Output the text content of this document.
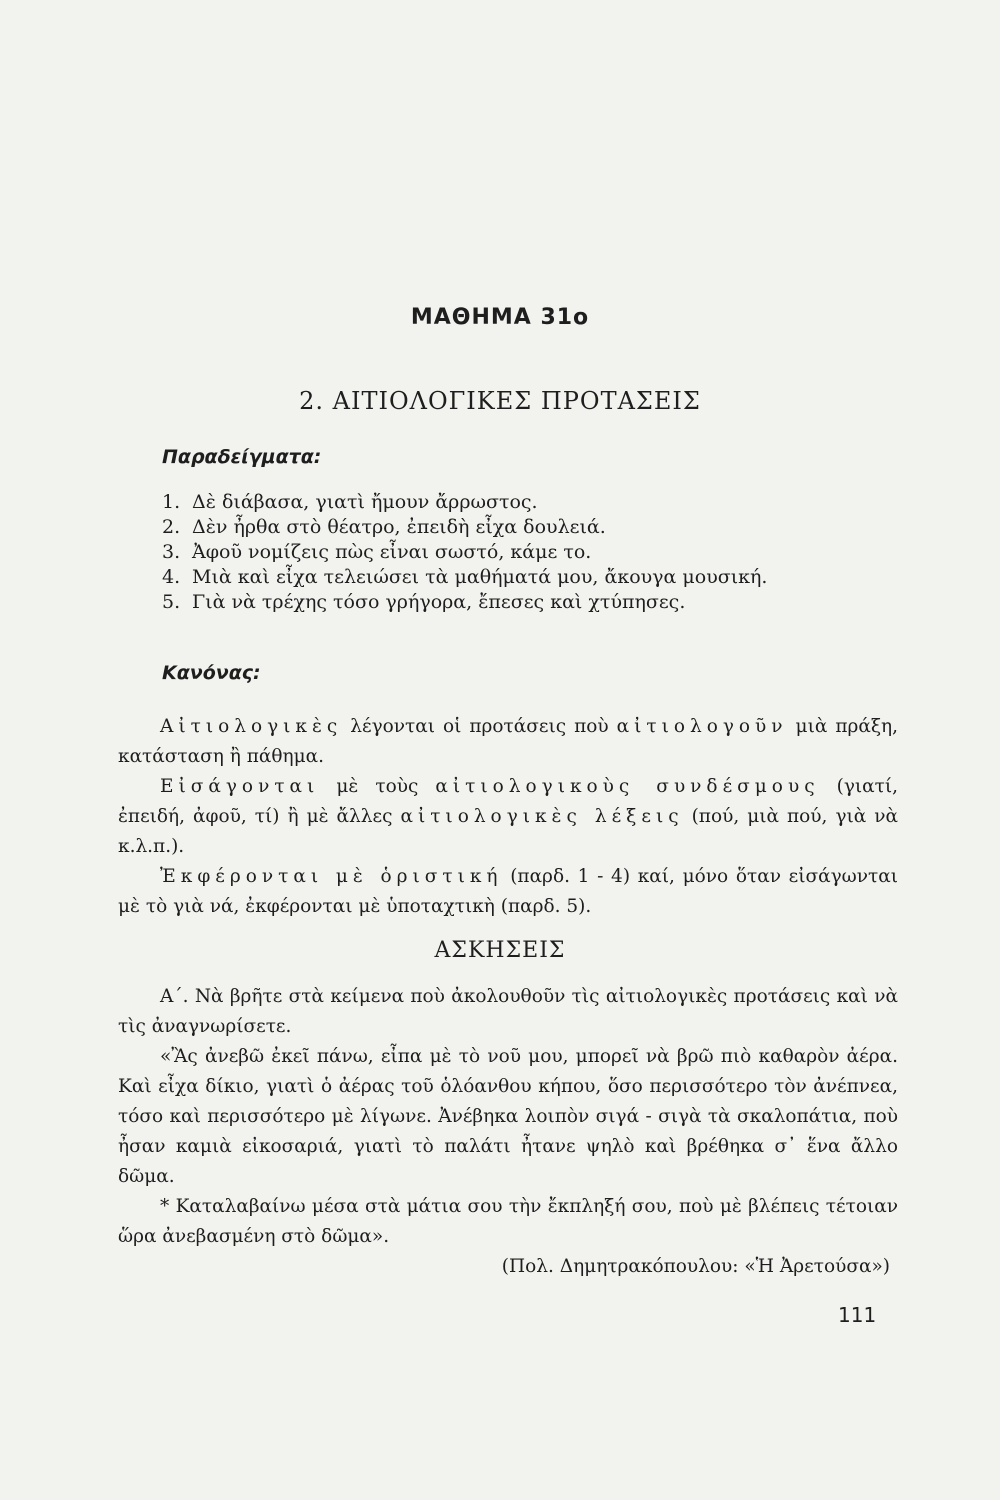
ΜΑΘΗΜΑ 31ο
2. ΑΙΤΙΟΛΟΓΙΚΕΣ ΠΡΟΤΑΣΕΙΣ
Παραδείγματα:
1. Δὲ διάβασα, γιατὶ ἤμουν ἄρρωστος.
2. Δὲν ἦρθα στὸ θέατρο, ἐπειδὴ εἶχα δουλειά.
3. Ἀφοῦ νομίζεις πὼς εἶναι σωστό, κάμε το.
4. Μιὰ καὶ εἶχα τελειώσει τὰ μαθήματά μου, ἄκουγα μουσική.
5. Γιὰ νὰ τρέχης τόσο γρήγορα, ἔπεσες καὶ χτύπησες.
Κανόνας:

Αἰτιολογικὲς λέγονται οἱ προτάσεις ποὺ αἰτιολογοῦν μιὰ πράξη, κατάσταση ἢ πάθημα.

Εἰσάγονται μὲ τοὺς αἰτιολογικοὺς συνδέσμους (γιατί, ἐπειδή, ἀφοῦ, τί) ἢ μὲ ἄλλες αἰτιολογικὲς λέξεις (πού, μιὰ πού, γιὰ νὰ κ.λ.π.).

Ἐκφέρονται μὲ ὁριστική (παρδ. 1 - 4) καί, μόνο ὅταν εἰσάγωνται μὲ τὸ γιὰ νά, ἐκφέρονται μὲ ὑποταχτικὴ (παρδ. 5).

ΑΣΚΗΣΕΙΣ

Α΄. Νὰ βρῆτε στὰ κείμενα ποὺ ἀκολουθοῦν τὶς αἰτιολογικὲς προτάσεις καὶ νὰ τὶς ἀναγνωρίσετε.

«Ἂς ἀνεβῶ ἐκεῖ πάνω, εἶπα μὲ τὸ νοῦ μου, μπορεῖ νὰ βρῶ πιὸ καθαρὸν ἀέρα. Καὶ εἶχα δίκιο, γιατὶ ὁ ἀέρας τοῦ ὁλόανθου κήπου, ὅσο περισσότερο τὸν ἀνέπνεα, τόσο καὶ περισσότερο μὲ λίγωνε. Ἀνέβηκα λοιπὸν σιγά - σιγὰ τὰ σκαλοπάτια, ποὺ ἦσαν καμιὰ εἰκοσαριά, γιατὶ τὸ παλάτι ἦτανε ψηλὸ καὶ βρέθηκα σ᾿ ἕνα ἄλλο δῶμα.

* Καταλαβαίνω μέσα στὰ μάτια σου τὴν ἔκπληξή σου, ποὺ μὲ βλέπεις τέτοιαν ὥρα ἀνεβασμένη στὸ δῶμα».

(Πολ. Δημητρακόπουλου: «Ἡ Ἀρετούσα»)

111
